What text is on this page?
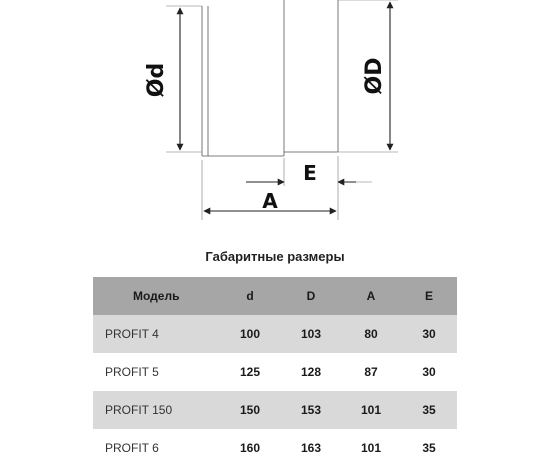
Ød	ØD
E
A
Габаритные размеры
Модель	d	D	A	E
PROFIT 4	100	103	80	30
PROFIT 5	125	128	87	30
PROFIT 150	150	153	101	35
PROFIT 6	160	163	101	35
